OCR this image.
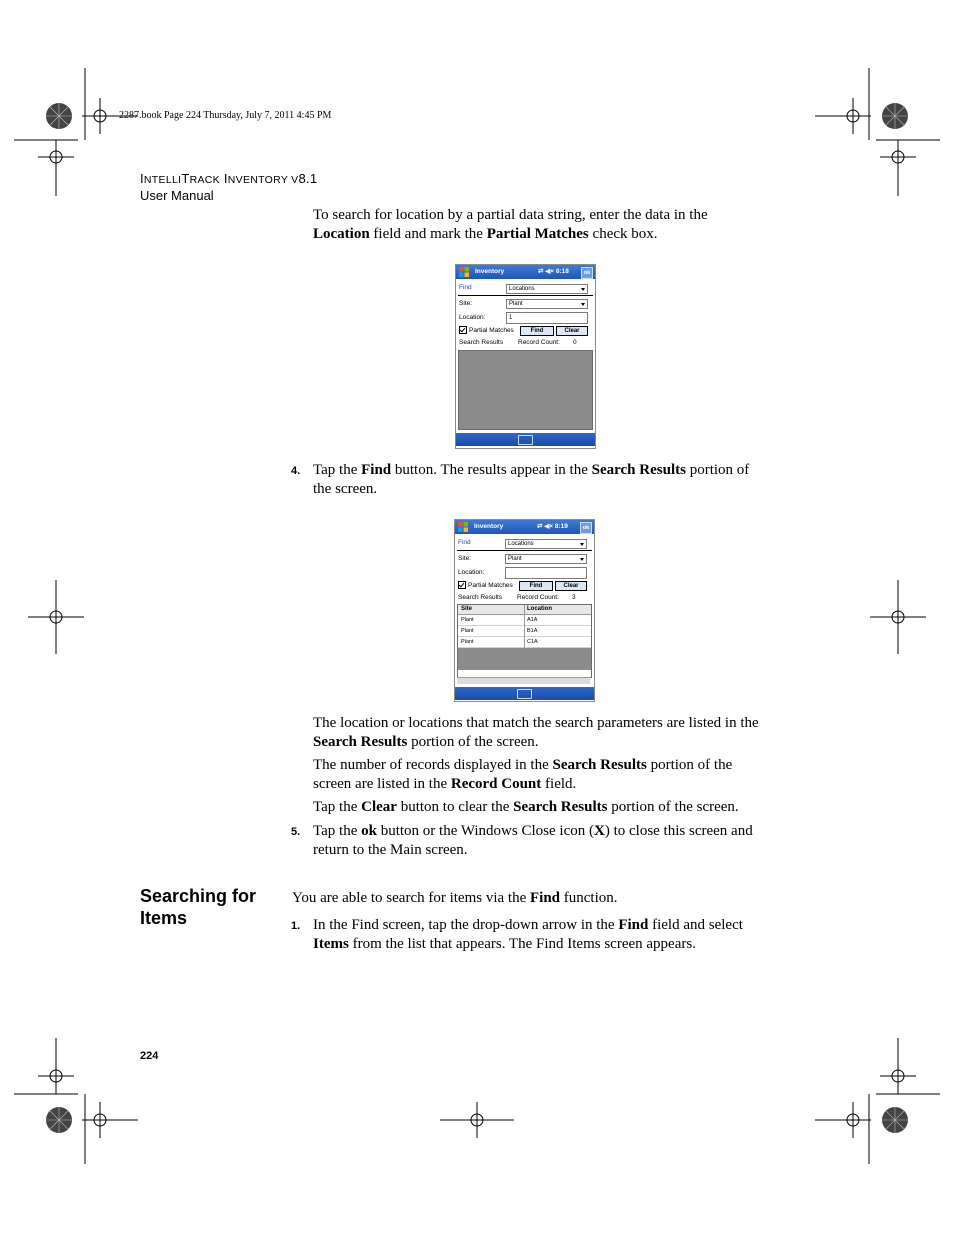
2287.book Page 224 Thursday, July 7, 2011 4:45 PM
INTELLITRACK INVENTORY V8.1
User Manual
To search for location by a partial data string, enter the data in the Location field and mark the Partial Matches check box.
Inventory	⇄ ◀× 8:18	ok
Find	Locations
Site:	Plant
Location:	1
Partial Matches	Find	Clear
Search Results Record Count: 0
4. Tap the Find button. The results appear in the Search Results portion of the screen.
Inventory	⇄ ◀× 8:19	ok
Find	Locations
Site:	Plant
Location:
Partial Matches	Find	Clear
Search Results Record Count: 3
Site	Location
Plant	A1A
Plant	B1A
Plant	C1A
The location or locations that match the search parameters are listed in the Search Results portion of the screen.
The number of records displayed in the Search Results portion of the screen are listed in the Record Count field.
Tap the Clear button to clear the Search Results portion of the screen.
5. Tap the ok button or the Windows Close icon (X) to close this screen and return to the Main screen.
Searching for Items
You are able to search for items via the Find function.
1. In the Find screen, tap the drop-down arrow in the Find field and select Items from the list that appears. The Find Items screen appears.
224
